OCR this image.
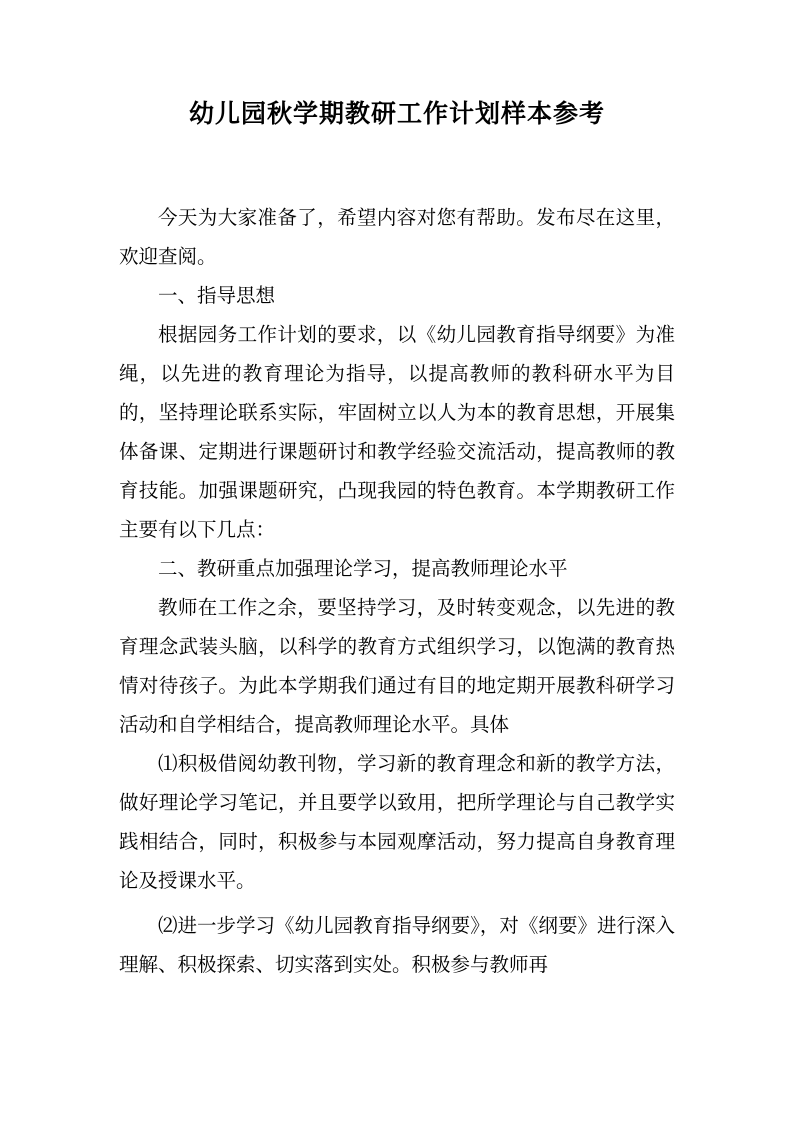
幼儿园秋学期教研工作计划样本参考

今天为大家准备了，希望内容对您有帮助。发布尽在这里，欢迎查阅。

一、指导思想

根据园务工作计划的要求，以《幼儿园教育指导纲要》为准绳，以先进的教育理论为指导，以提高教师的教科研水平为目的，坚持理论联系实际，牢固树立以人为本的教育思想，开展集体备课、定期进行课题研讨和教学经验交流活动，提高教师的教育技能。加强课题研究，凸现我园的特色教育。本学期教研工作主要有以下几点：

二、教研重点加强理论学习，提高教师理论水平

教师在工作之余，要坚持学习，及时转变观念，以先进的教育理念武装头脑，以科学的教育方式组织学习，以饱满的教育热情对待孩子。为此本学期我们通过有目的地定期开展教科研学习活动和自学相结合，提高教师理论水平。具体

⑴积极借阅幼教刊物，学习新的教育理念和新的教学方法，做好理论学习笔记，并且要学以致用，把所学理论与自己教学实践相结合，同时，积极参与本园观摩活动，努力提高自身教育理论及授课水平。

⑵进一步学习《幼儿园教育指导纲要》，对《纲要》进行深入理解、积极探索、切实落到实处。积极参与教师再
